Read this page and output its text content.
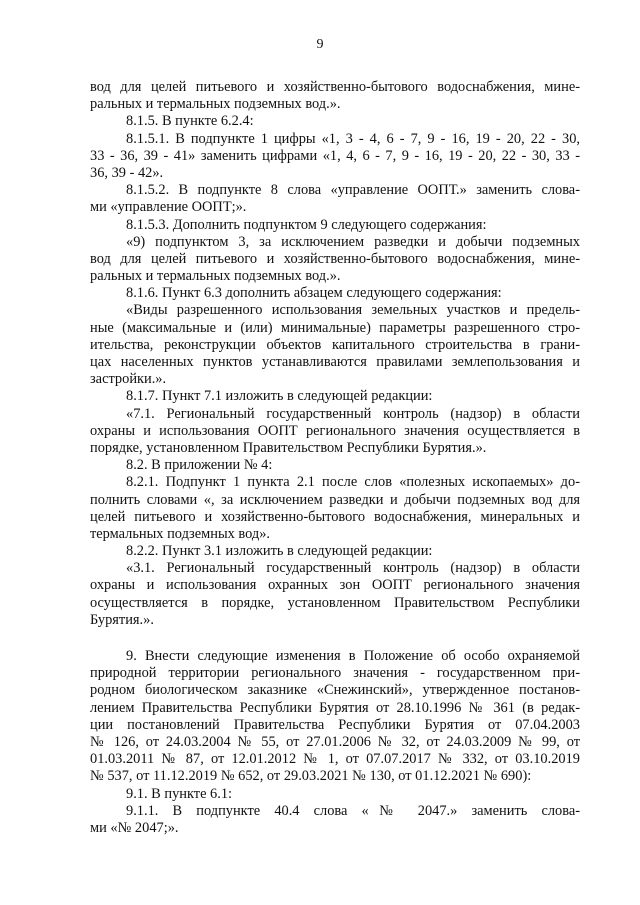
9
вод для целей питьевого и хозяйственно-бытового водоснабжения, мине-
ральных и термальных подземных вод.».
8.1.5. В пункте 6.2.4:
8.1.5.1. В подпункте 1 цифры «1, 3 - 4, 6 - 7, 9 - 16, 19 - 20, 22 - 30,
33 - 36, 39 - 41» заменить цифрами «1, 4, 6 - 7, 9 - 16, 19 - 20, 22 - 30, 33 -
36, 39 - 42».
8.1.5.2. В подпункте 8 слова «управление ООПТ.» заменить слова-
ми «управление ООПТ;».
8.1.5.3. Дополнить подпунктом 9 следующего содержания:
«9) подпунктом 3, за исключением разведки и добычи подземных
вод для целей питьевого и хозяйственно-бытового водоснабжения, мине-
ральных и термальных подземных вод.».
8.1.6. Пункт 6.3 дополнить абзацем следующего содержания:
«Виды разрешенного использования земельных участков и предель-
ные (максимальные и (или) минимальные) параметры разрешенного стро-
ительства, реконструкции объектов капитального строительства в грани-
цах населенных пунктов устанавливаются правилами землепользования и
застройки.».
8.1.7. Пункт 7.1 изложить в следующей редакции:
«7.1. Региональный государственный контроль (надзор) в области
охраны и использования ООПТ регионального значения осуществляется в
порядке, установленном Правительством Республики Бурятия.».
8.2. В приложении № 4:
8.2.1. Подпункт 1 пункта 2.1 после слов «полезных ископаемых» до-
полнить словами «, за исключением разведки и добычи подземных вод для
целей питьевого и хозяйственно-бытового водоснабжения, минеральных и
термальных подземных вод».
8.2.2. Пункт 3.1 изложить в следующей редакции:
«3.1. Региональный государственный контроль (надзор) в области
охраны и использования охранных зон ООПТ регионального значения
осуществляется в порядке, установленном Правительством Республики
Бурятия.».
9. Внести следующие изменения в Положение об особо охраняемой
природной территории регионального значения - государственном при-
родном биологическом заказнике «Снежинский», утвержденное постанов-
лением Правительства Республики Бурятия от 28.10.1996 № 361 (в редак-
ции постановлений Правительства Республики Бурятия от 07.04.2003
№ 126, от 24.03.2004 № 55, от 27.01.2006 № 32, от 24.03.2009 № 99, от
01.03.2011 № 87, от 12.01.2012 № 1, от 07.07.2017 № 332, от 03.10.2019
№ 537, от 11.12.2019 № 652, от 29.03.2021 № 130, от 01.12.2021 № 690):
9.1. В пункте 6.1:
9.1.1. В подпункте 40.4 слова «№ 2047.» заменить слова-
ми «№ 2047;».
